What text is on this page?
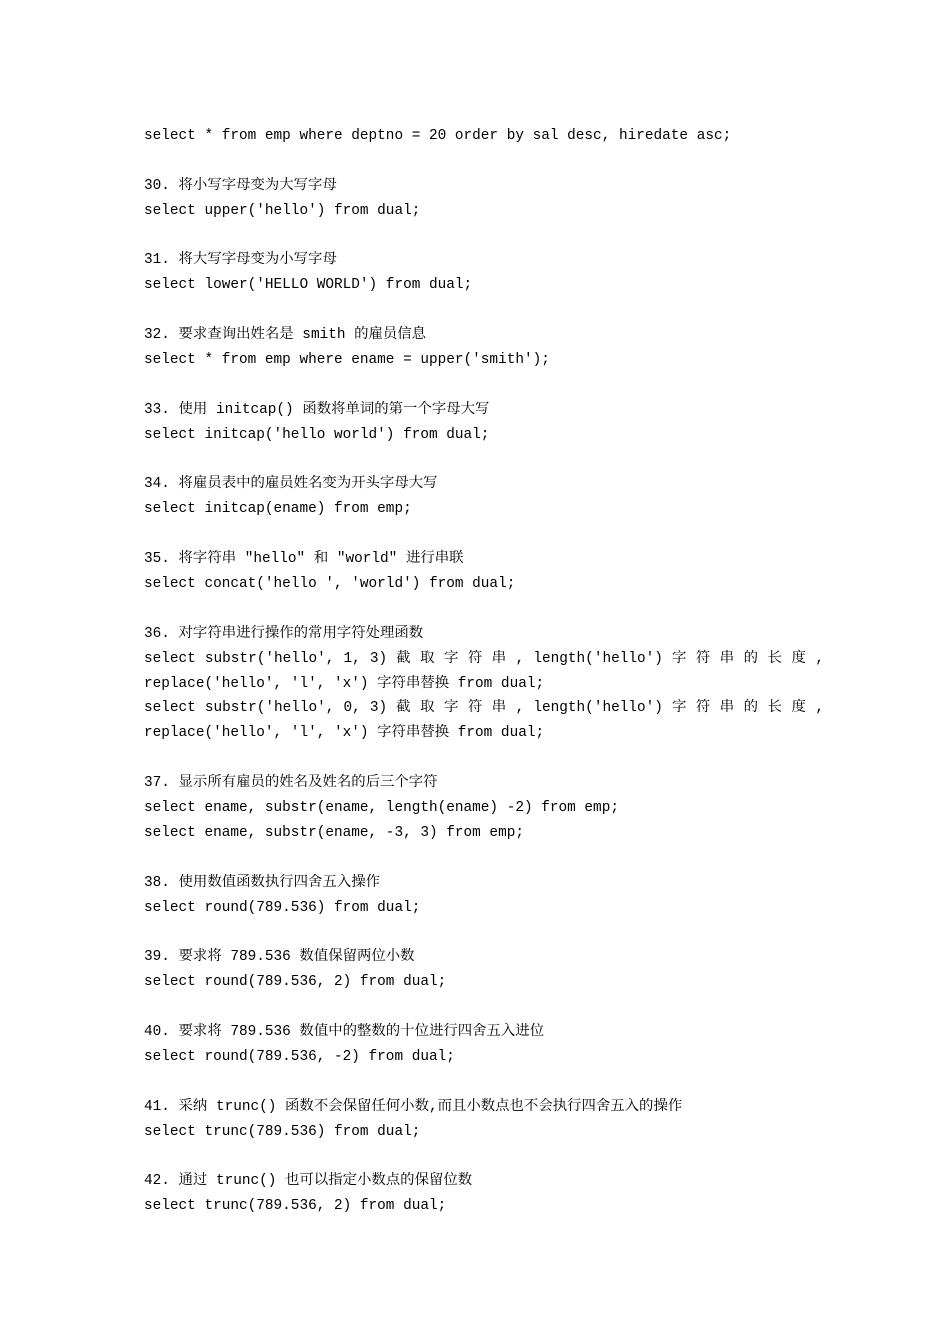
select * from emp where deptno = 20 order by sal desc, hiredate asc;
30. 将小写字母变为大写字母
select upper('hello') from dual;
31. 将大写字母变为小写字母
select lower('HELLO WORLD') from dual;
32. 要求查询出姓名是 smith 的雇员信息
select * from emp where ename = upper('smith');
33. 使用 initcap() 函数将单词的第一个字母大写
select initcap('hello world') from dual;
34. 将雇员表中的雇员姓名变为开头字母大写
select initcap(ename) from emp;
35. 将字符串 "hello" 和 "world" 进行串联
select concat('hello ', 'world') from dual;
36. 对字符串进行操作的常用字符处理函数
select substr('hello', 1, 3) 截 取 字 符 串 , length('hello') 字 符 串 的 长 度 ,
replace('hello', 'l', 'x') 字符串替换 from dual;
select substr('hello', 0, 3) 截 取 字 符 串 , length('hello') 字 符 串 的 长 度 ,
replace('hello', 'l', 'x') 字符串替换 from dual;
37. 显示所有雇员的姓名及姓名的后三个字符
select ename, substr(ename, length(ename) -2) from emp;
select ename, substr(ename, -3, 3) from emp;
38. 使用数值函数执行四舍五入操作
select round(789.536) from dual;
39. 要求将 789.536 数值保留两位小数
select round(789.536, 2) from dual;
40. 要求将 789.536 数值中的整数的十位进行四舍五入进位
select round(789.536, -2) from dual;
41. 采纳 trunc() 函数不会保留任何小数,而且小数点也不会执行四舍五入的操作
select trunc(789.536) from dual;
42. 通过 trunc() 也可以指定小数点的保留位数
select trunc(789.536, 2) from dual;
